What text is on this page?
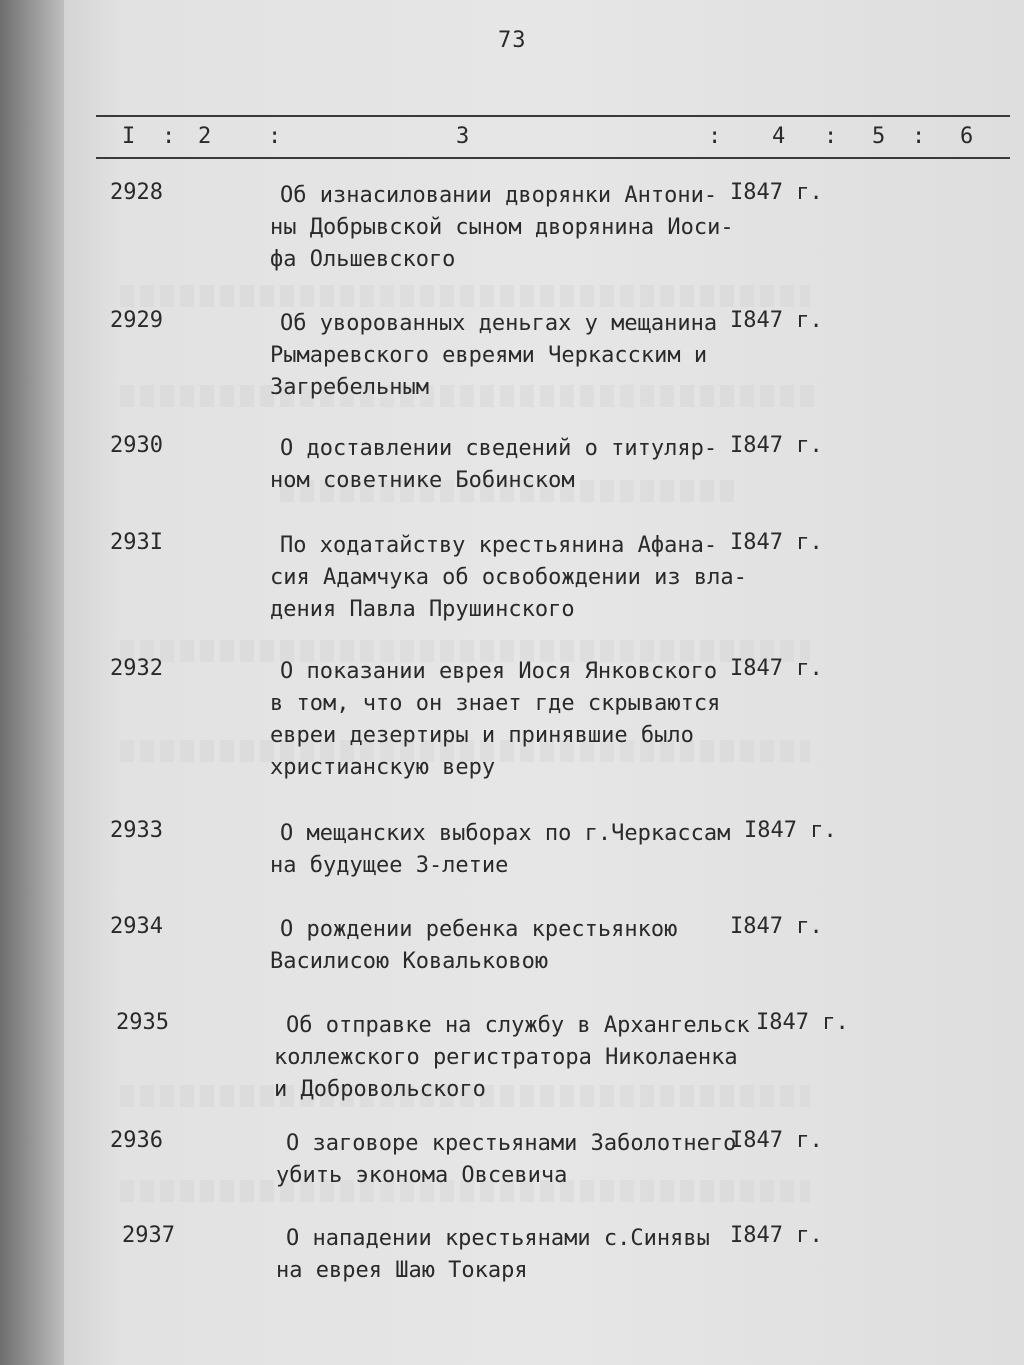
73
I : 2	:	3	: 4 : 5 : 6
2928	Об изнасиловании дворянки Антони-
ны Добрывской сыном дворянина Иоси-
фа Ольшевского
I847 г.
2929	Об уворованных деньгах у мещанина
Рымаревского евреями Черкасским и
Загребельным
I847 г.
2930	О доставлении сведений о титуляр-
ном советнике Бобинском
I847 г.
293I	По ходатайству крестьянина Афана-
сия Адамчука об освобождении из вла-
дения Павла Прушинского
I847 г.
2932	О показании еврея Иося Янковского
в том, что он знает где скрываются
евреи дезертиры и принявшие было
христианскую веру
I847 г.
2933	О мещанских выборах по г.Черкассам
на будущее 3-летие
I847 г.
2934	О рождении ребенка крестьянкою
Василисою Ковальковою
I847 г.
2935	Об отправке на службу в Архангельск
коллежского регистратора Николаенка
и Добровольского
I847 г.
2936	О заговоре крестьянами Заболотнего
убить эконома Овсевича
I847 г.
2937	О нападении крестьянами с.Синявы
на еврея Шаю Токаря
I847 г.
